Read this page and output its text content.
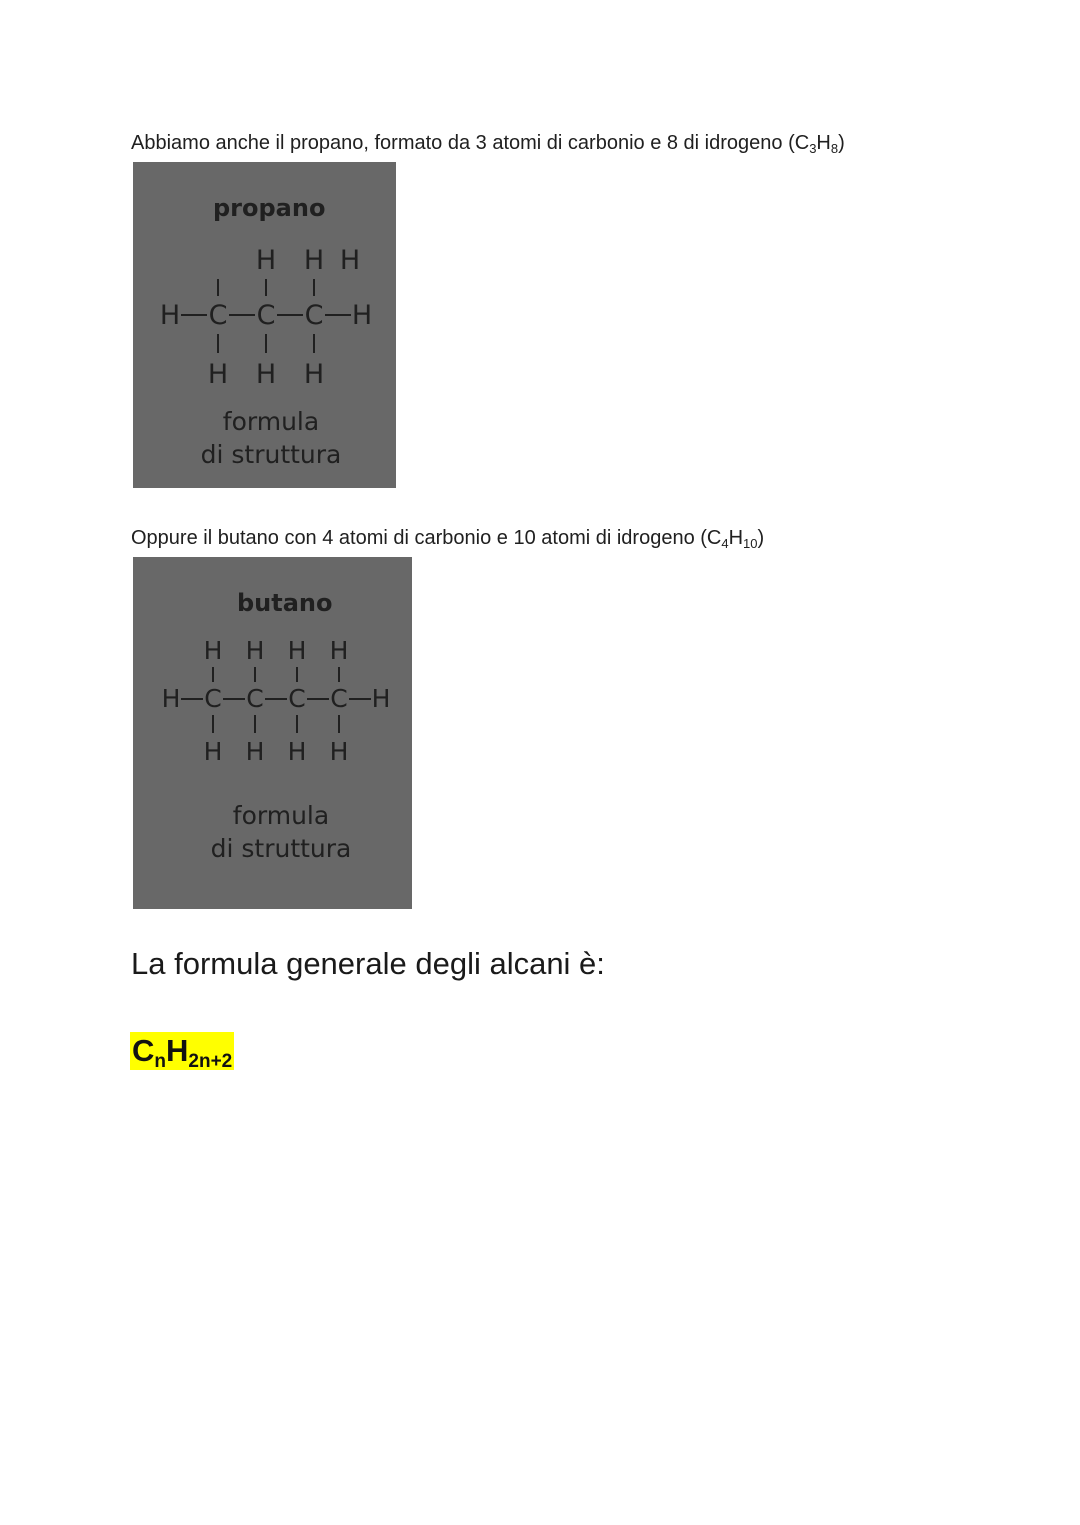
Abbiamo anche il propano, formato da 3 atomi di carbonio e 8 di idrogeno $(C_3H_8)$
propano
H
H H
H C C C H
H H H
formula
di struttura
Oppure il butano con 4 atomi di carbonio e 10 atomi di idrogeno $(C_4H_{10})$
butano
H H H H
H C C C C H
H H H H
formula
di struttura
La formula generale degli alcani è:
$C_nH_{2n+2}$
